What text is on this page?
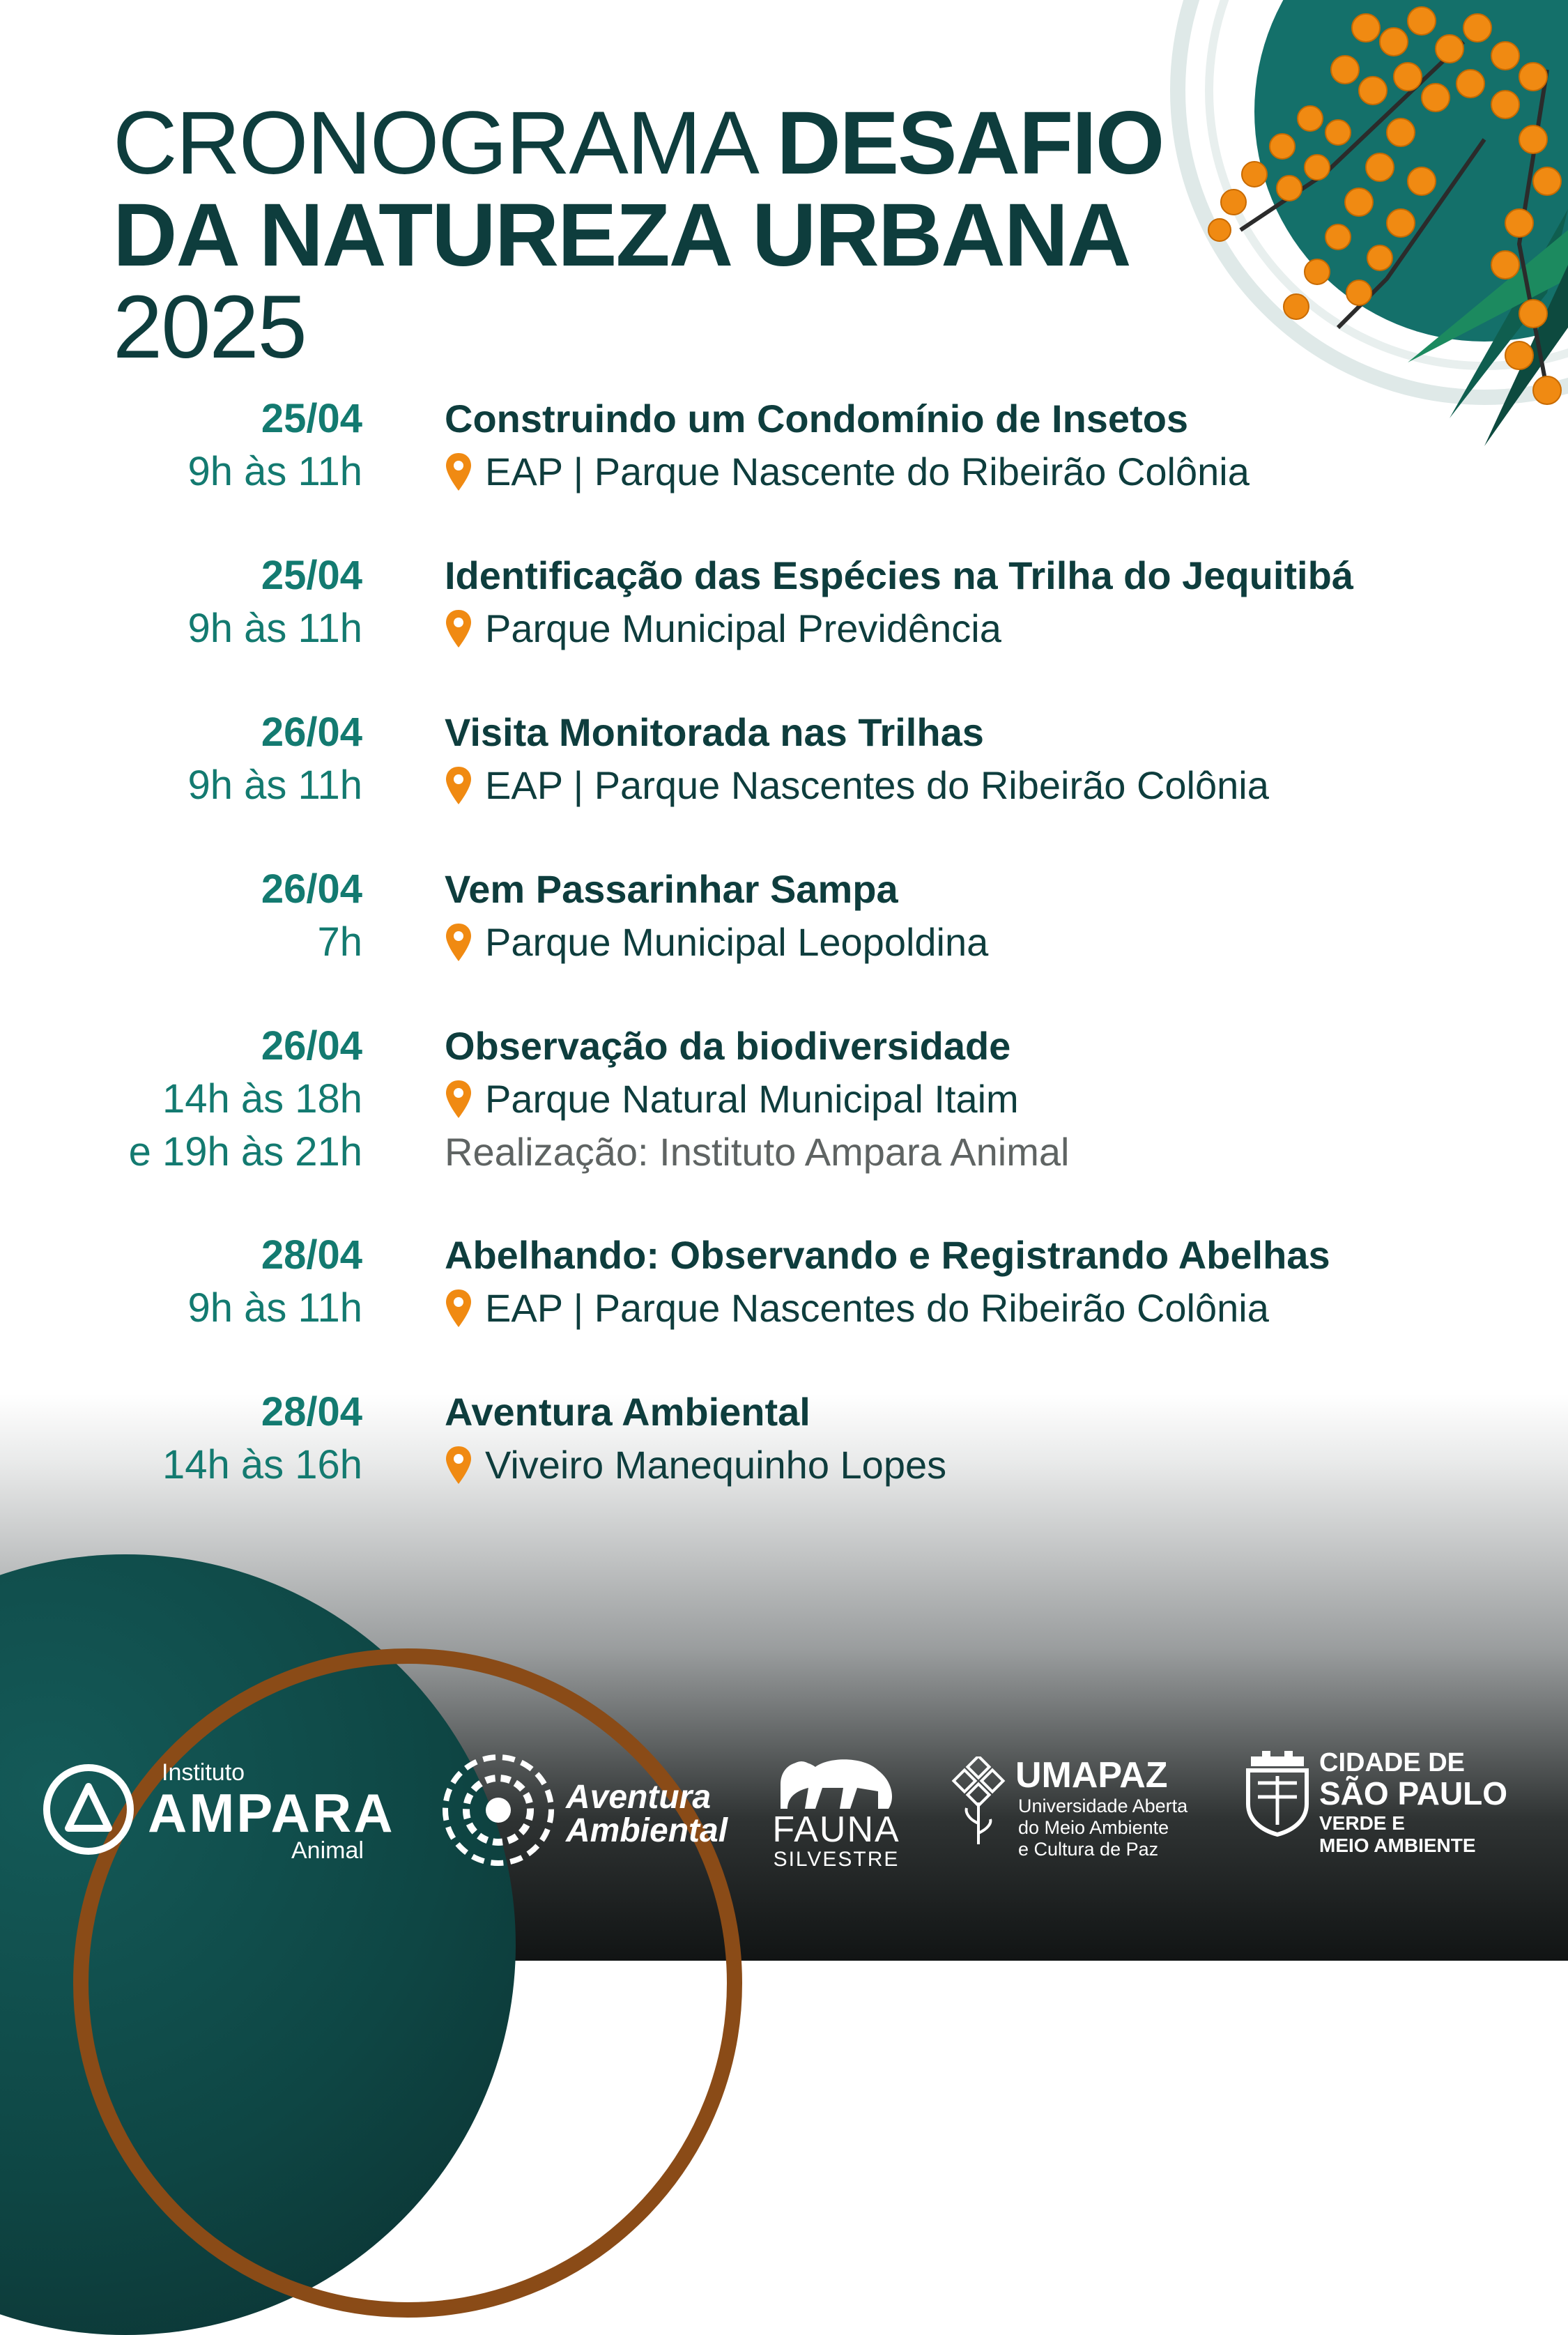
CRONOGRAMA DESAFIO DA NATUREZA URBANA 2025
25/04
9h às 11h
Construindo um Condomínio de Insetos
EAP | Parque Nascente do Ribeirão Colônia
25/04
9h às 11h
Identificação das Espécies na Trilha do Jequitibá
Parque Municipal Previdência
26/04
9h às 11h
Visita Monitorada nas Trilhas
EAP | Parque Nascentes do Ribeirão Colônia
26/04
7h
Vem Passarinhar Sampa
Parque Municipal Leopoldina
26/04
14h às 18h
e 19h às 21h
Observação da biodiversidade
Parque Natural Municipal Itaim
Realização: Instituto Ampara Animal
28/04
9h às 11h
Abelhando: Observando e Registrando Abelhas
EAP | Parque Nascentes do Ribeirão Colônia
28/04
14h às 16h
Aventura Ambiental
Viveiro Manequinho Lopes
Instituto
AMPARA
Animal
Aventura
Ambiental FAUNA
SILVESTRE
UMAPAZ
Universidade Aberta
do Meio Ambiente
e Cultura de Paz
CIDADE DE
SÃO PAULO
VERDE E
MEIO AMBIENTE
